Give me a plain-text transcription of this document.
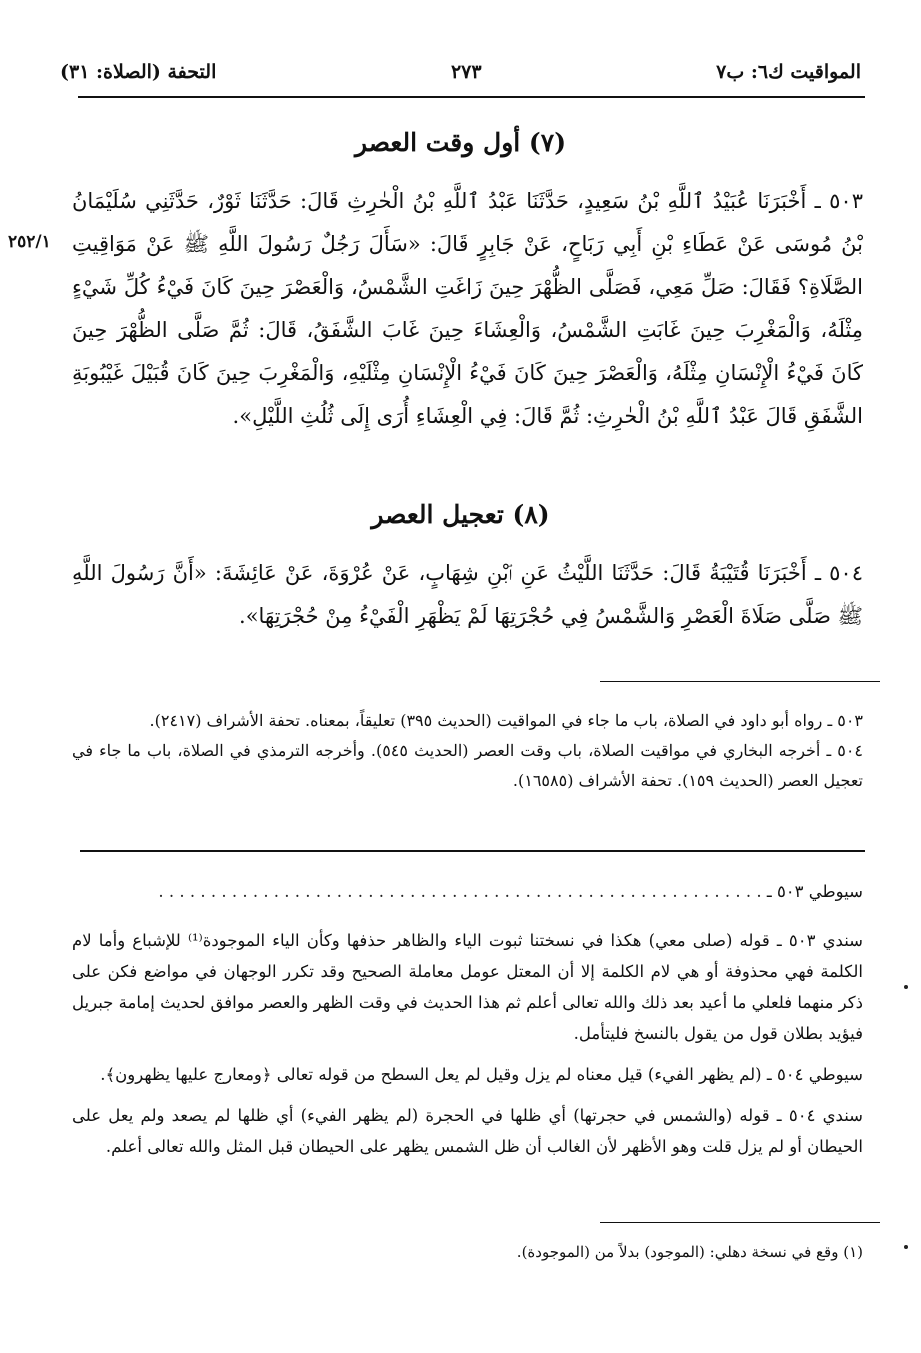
المواقيت ك٦: ب٧
٢٧٣
التحفة (الصلاة: ٣١)
(٧) أول وقت العصر
٢٥٢/١
٥٠٣ ـ أَخْبَرَنَا عُبَيْدُ ٱللَّهِ بْنُ سَعِيدٍ، حَدَّثَنَا عَبْدُ ٱللَّهِ بْنُ الْحٰرِثِ قَالَ: حَدَّثَنَا ثَوْرٌ، حَدَّثَنِي سُلَيْمَانُ بْنُ مُوسَى عَنْ عَطَاءِ بْنِ أَبِي رَبَاحٍ، عَنْ جَابِرٍ قَالَ: «سَأَلَ رَجُلٌ رَسُولَ اللَّهِ ﷺ عَنْ مَوَاقِيتِ الصَّلَاةِ؟ فَقَالَ: صَلِّ مَعِي، فَصَلَّى الظُّهْرَ حِينَ زَاغَتِ الشَّمْسُ، وَالْعَصْرَ حِينَ كَانَ فَيْءُ كُلِّ شَيْءٍ مِثْلَهُ، وَالْمَغْرِبَ حِينَ غَابَتِ الشَّمْسُ، وَالْعِشَاءَ حِينَ غَابَ الشَّفَقُ، قَالَ: ثُمَّ صَلَّى الظُّهْرَ حِينَ كَانَ فَيْءُ الْإِنْسَانِ مِثْلَهُ، وَالْعَصْرَ حِينَ كَانَ فَيْءُ الْإِنْسَانِ مِثْلَيْهِ، وَالْمَغْرِبَ حِينَ كَانَ قُبَيْلَ غَيْبُوبَةِ الشَّفَقِ قَالَ عَبْدُ ٱللَّهِ بْنُ الْحٰرِثِ: ثُمَّ قَالَ: فِي الْعِشَاءِ أُرَى إِلَى ثُلُثِ اللَّيْلِ».
(٨) تعجيل العصر
٥٠٤ ـ أَخْبَرَنَا قُتَيْبَةُ قَالَ: حَدَّثَنَا اللَّيْثُ عَنِ ٱبْنِ شِهَابٍ، عَنْ عُرْوَةَ، عَنْ عَائِشَةَ: «أَنَّ رَسُولَ اللَّهِ ﷺ صَلَّى صَلَاةَ الْعَصْرِ وَالشَّمْسُ فِي حُجْرَتِهَا لَمْ يَظْهَرِ الْفَيْءُ مِنْ حُجْرَتِهَا».
٥٠٣ ـ رواه أبو داود في الصلاة، باب ما جاء في المواقيت (الحديث ٣٩٥) تعليقاً، بمعناه. تحفة الأشراف (٢٤١٧).
٥٠٤ ـ أخرجه البخاري في مواقيت الصلاة، باب وقت العصر (الحديث ٥٤٥). وأخرجه الترمذي في الصلاة، باب ما جاء في تعجيل العصر (الحديث ١٥٩). تحفة الأشراف (١٦٥٨٥).

سيوطي ٥٠٣ ـ . . . . . . . . . . . . . . . . . . . . . . . . . . . . . . . . . . . . . . . . . . . . . . . . . . . . . . . . . .

سندي ٥٠٣ ـ قوله (صلى معي) هكذا في نسختنا ثبوت الياء والظاهر حذفها وكأن الياء الموجودة⁽¹⁾ للإشباع وأما لام الكلمة فهي محذوفة أو هي لام الكلمة إلا أن المعتل عومل معاملة الصحيح وقد تكرر الوجهان في مواضع فكن على ذكر منهما فلعلي ما أعيد بعد ذلك والله تعالى أعلم ثم هذا الحديث في وقت الظهر والعصر موافق لحديث إمامة جبريل فيؤيد بطلان قول من يقول بالنسخ فليتأمل.

سيوطي ٥٠٤ ـ (لم يظهر الفيء) قيل معناه لم يزل وقيل لم يعل السطح من قوله تعالى ﴿ومعارج عليها يظهرون﴾.

سندي ٥٠٤ ـ قوله (والشمس في حجرتها) أي ظلها في الحجرة (لم يظهر الفيء) أي ظلها لم يصعد ولم يعل على الحيطان أو لم يزل قلت وهو الأظهر لأن الغالب أن ظل الشمس يظهر على الحيطان قبل المثل والله تعالى أعلم.

(١) وقع في نسخة دهلي: (الموجود) بدلاً من (الموجودة).
